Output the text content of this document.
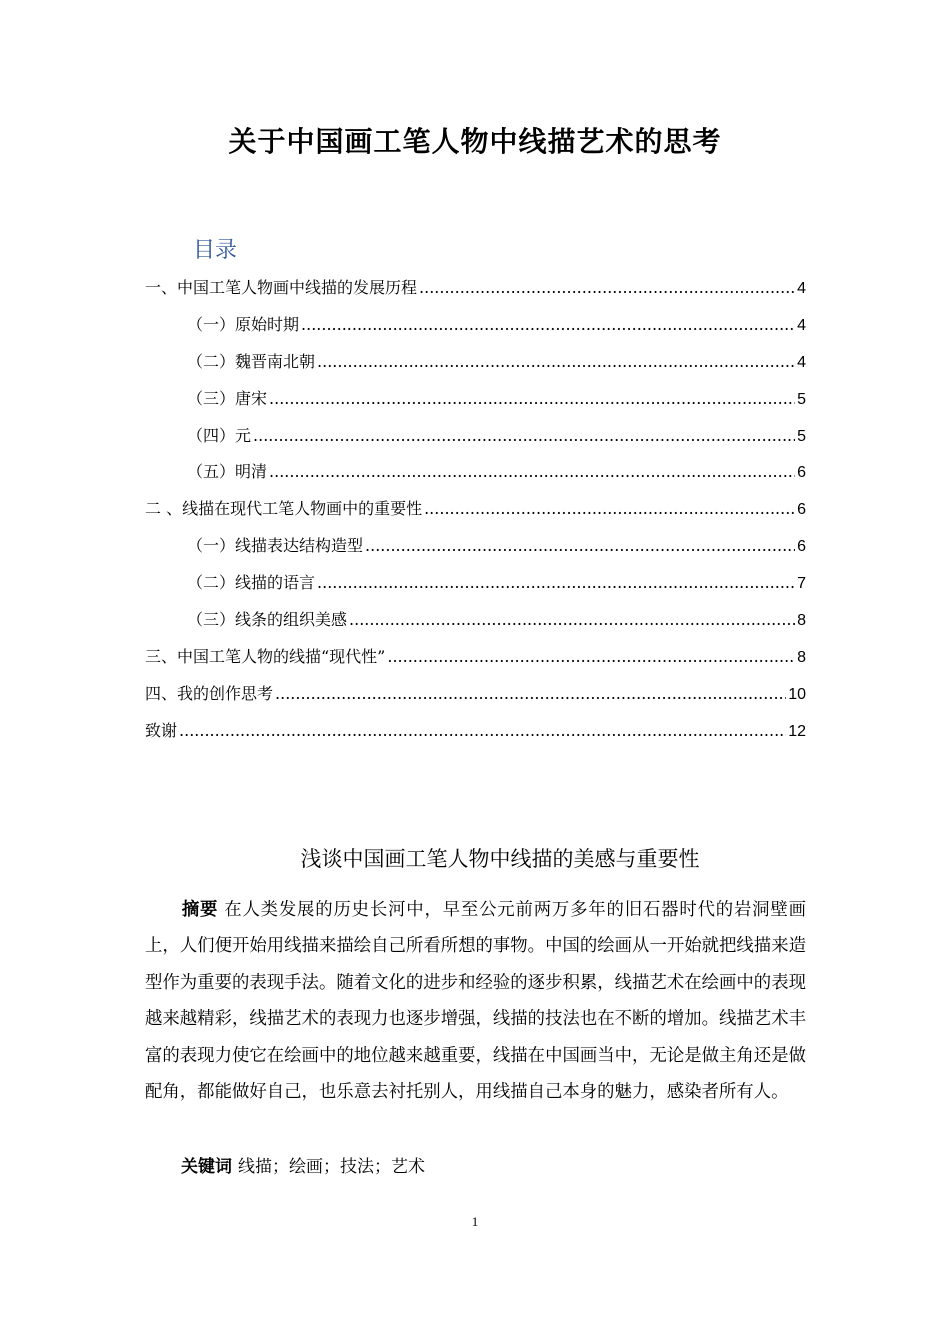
关于中国画工笔人物中线描艺术的思考
目录
一、中国工笔人物画中线描的发展历程 .....	4
（一）原始时期 .....	4
（二）魏晋南北朝 .....	4
（三）唐宋 .....	5
（四）元 .....	5
（五）明清 .....	6
二 、线描在现代工笔人物画中的重要性 .....	6
（一）线描表达结构造型 .....	6
（二）线描的语言 .....	7
（三）线条的组织美感 .....	8
三、中国工笔人物的线描“现代性” .....	8
四、我的创作思考 .....	10
致谢 .....	12
浅谈中国画工笔人物中线描的美感与重要性
摘要 在人类发展的历史长河中，早至公元前两万多年的旧石器时代的岩洞壁画上，人们便开始用线描来描绘自己所看所想的事物。中国的绘画从一开始就把线描来造型作为重要的表现手法。随着文化的进步和经验的逐步积累，线描艺术在绘画中的表现越来越精彩，线描艺术的表现力也逐步增强，线描的技法也在不断的增加。线描艺术丰富的表现力使它在绘画中的地位越来越重要，线描在中国画当中，无论是做主角还是做配角，都能做好自己，也乐意去衬托别人，用线描自己本身的魅力，感染者所有人。
关键词 线描；绘画；技法；艺术
1
